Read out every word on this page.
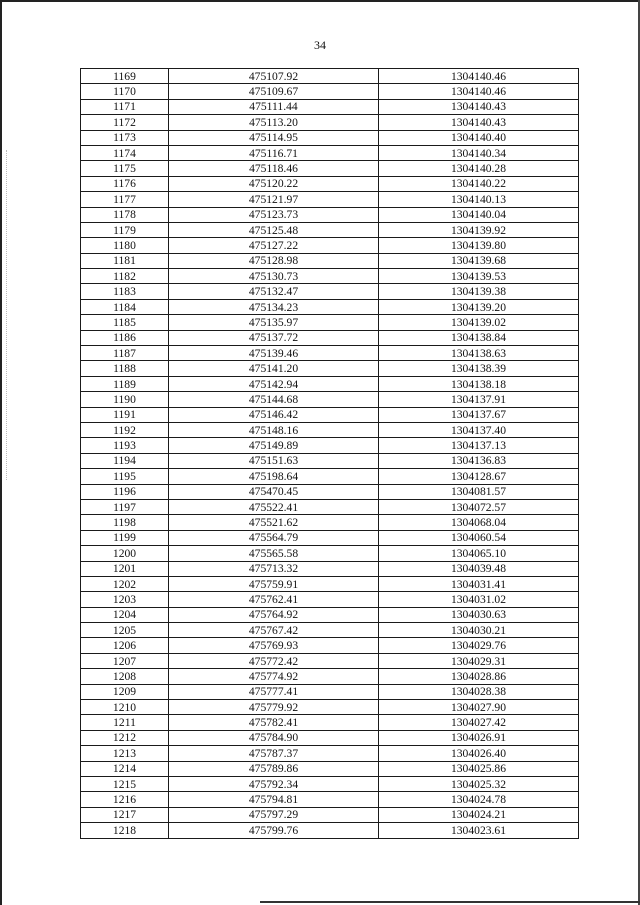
34
1169	475107.92	1304140.46
1170	475109.67	1304140.46
1171	475111.44	1304140.43
1172	475113.20	1304140.43
1173	475114.95	1304140.40
1174	475116.71	1304140.34
1175	475118.46	1304140.28
1176	475120.22	1304140.22
1177	475121.97	1304140.13
1178	475123.73	1304140.04
1179	475125.48	1304139.92
1180	475127.22	1304139.80
1181	475128.98	1304139.68
1182	475130.73	1304139.53
1183	475132.47	1304139.38
1184	475134.23	1304139.20
1185	475135.97	1304139.02
1186	475137.72	1304138.84
1187	475139.46	1304138.63
1188	475141.20	1304138.39
1189	475142.94	1304138.18
1190	475144.68	1304137.91
1191	475146.42	1304137.67
1192	475148.16	1304137.40
1193	475149.89	1304137.13
1194	475151.63	1304136.83
1195	475198.64	1304128.67
1196	475470.45	1304081.57
1197	475522.41	1304072.57
1198	475521.62	1304068.04
1199	475564.79	1304060.54
1200	475565.58	1304065.10
1201	475713.32	1304039.48
1202	475759.91	1304031.41
1203	475762.41	1304031.02
1204	475764.92	1304030.63
1205	475767.42	1304030.21
1206	475769.93	1304029.76
1207	475772.42	1304029.31
1208	475774.92	1304028.86
1209	475777.41	1304028.38
1210	475779.92	1304027.90
1211	475782.41	1304027.42
1212	475784.90	1304026.91
1213	475787.37	1304026.40
1214	475789.86	1304025.86
1215	475792.34	1304025.32
1216	475794.81	1304024.78
1217	475797.29	1304024.21
1218	475799.76	1304023.61
